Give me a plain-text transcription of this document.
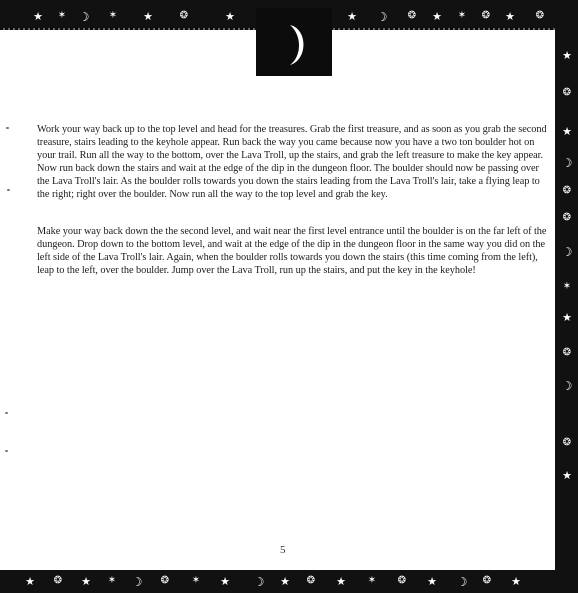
★ ✶ ☽ ✶ ★	❂	★	★ ☽ ❂ ★ ✶ ❂ ★ ❂
★
❂
★
☽
❂
❂
☽
✶
★
❂
☽
❂
★
★ ❂ ★ ✶ ☽ ❂ ✶ ★ ☽ ★ ❂ ★ ✶ ❂ ★ ☽ ❂ ★

Work your way back up to the top level and head for the treasures. Grab the first treasure, and as soon as you grab the second treasure, stairs leading to the keyhole appear. Run back the way you came because now you have a two ton boulder hot on your trail. Run all the way to the bottom, over the Lava Troll, up the stairs, and grab the left treasure to make the key appear. Now run back down the stairs and wait at the edge of the dip in the dungeon floor. The boulder should now be passing over the Lava Troll's lair. As the boulder rolls towards you down the stairs leading from the Lava Troll's lair, take a flying leap to the right; right over the boulder. Now run all the way to the top level and grab the key.

Make your way back down the the second level, and wait near the first level entrance until the boulder is on the far left of the dungeon. Drop down to the bottom level, and wait at the edge of the dip in the dungeon floor in the same way you did on the left side of the Lava Troll's lair. Again, when the boulder rolls towards you down the stairs (this time coming from the left), leap to the left, over the boulder. Jump over the Lava Troll, run up the stairs, and put the key in the keyhole!

5
